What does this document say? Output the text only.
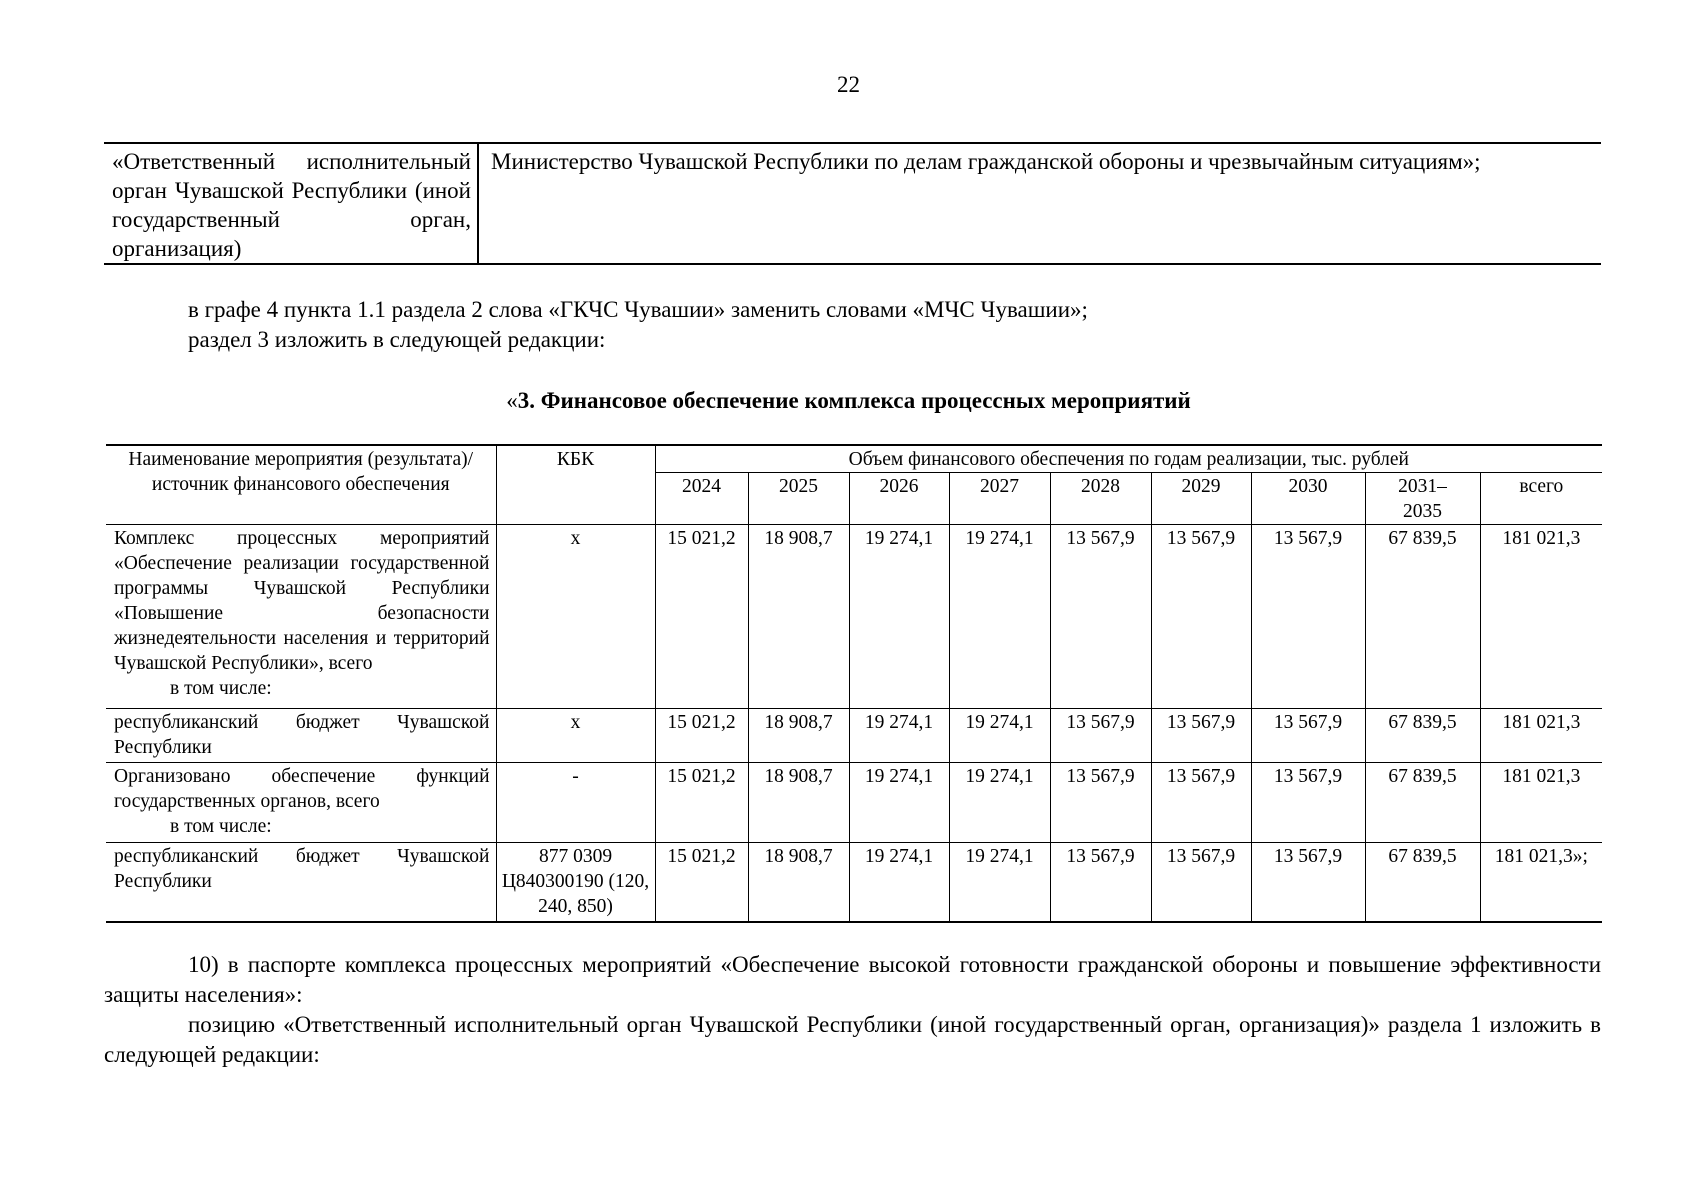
22
«Ответственный исполнительный орган Чувашской Республики (иной государственный орган, организация)	Министерство Чувашской Республики по делам гражданской обороны и чрезвычайным ситуациям»;

в графе 4 пункта 1.1 раздела 2 слова «ГКЧС Чувашии» заменить словами «МЧС Чувашии»;

раздел 3 изложить в следующей редакции:

«3. Финансовое обеспечение комплекса процессных мероприятий
Наименование мероприятия (результата)/источник финансового обеспечения	КБК	Объем финансового обеспечения по годам реализации, тыс. рублей								
		2024	2025	2026	2027	2028	2029	2030	2031–2035	всего
Комплекс процессных мероприятий «Обеспечение реализации государственной программы Чувашской Республики «Повышение безопасности жизнедеятельности населения и территорий Чувашской Республики», всего
в том числе:	x	15 021,2	18 908,7	19 274,1	19 274,1	13 567,9	13 567,9	13 567,9	67 839,5	181 021,3
республиканский бюджет Чувашской Республики	x	15 021,2	18 908,7	19 274,1	19 274,1	13 567,9	13 567,9	13 567,9	67 839,5	181 021,3
Организовано обеспечение функций государственных органов, всего
в том числе:	-	15 021,2	18 908,7	19 274,1	19 274,1	13 567,9	13 567,9	13 567,9	67 839,5	181 021,3
республиканский бюджет Чувашской Республики	877 0309 Ц840300190 (120, 240, 850)	15 021,2	18 908,7	19 274,1	19 274,1	13 567,9	13 567,9	13 567,9	67 839,5	181 021,3»;

10) в паспорте комплекса процессных мероприятий «Обеспечение высокой готовности гражданской обороны и повышение эффективности защиты населения»:

позицию «Ответственный исполнительный орган Чувашской Республики (иной государственный орган, организация)» раздела 1 изложить в следующей редакции:
